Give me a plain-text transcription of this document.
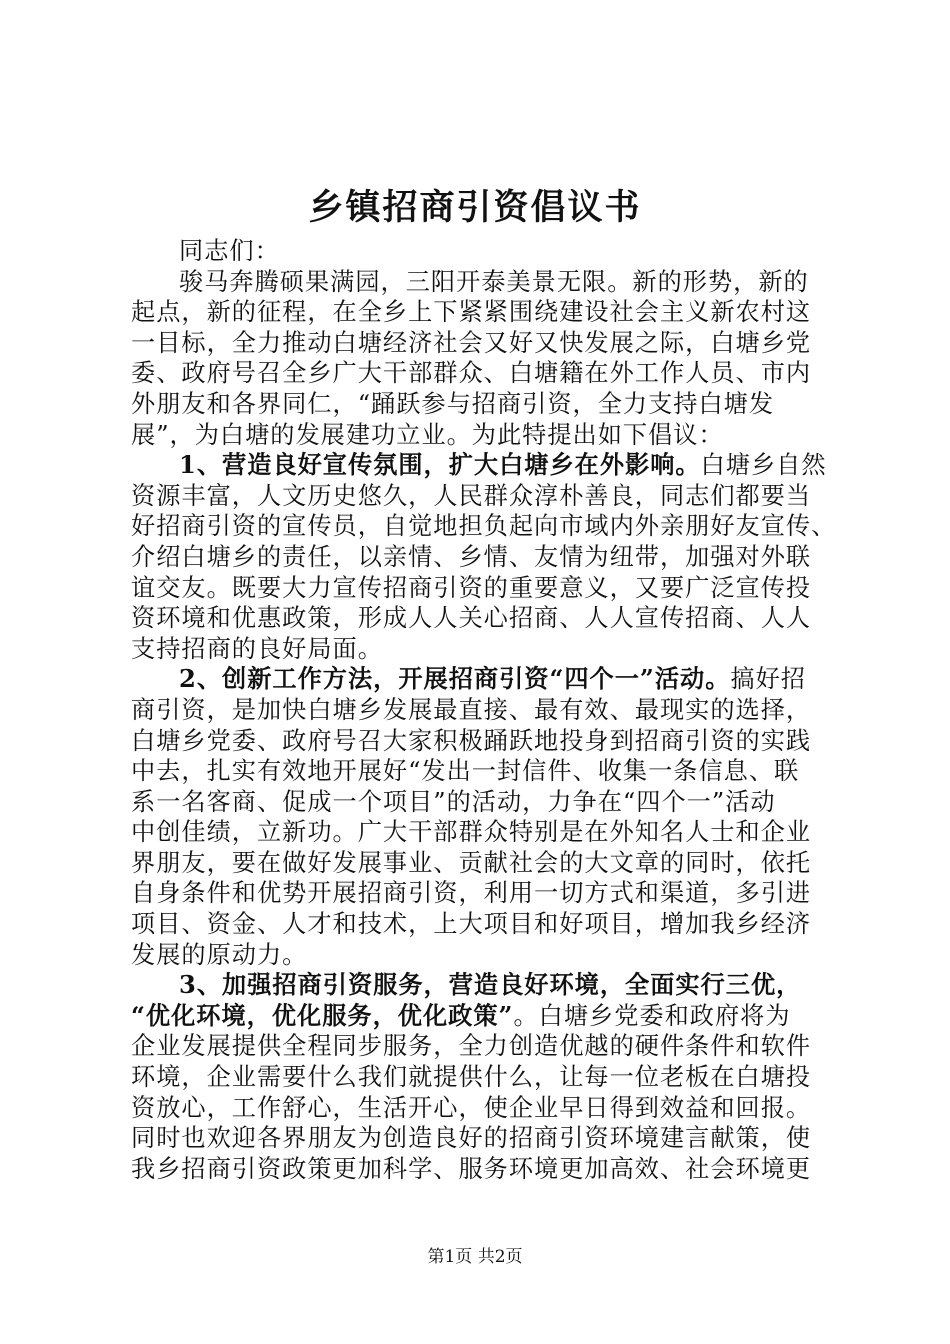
乡镇招商引资倡议书
同志们：
骏马奔腾硕果满园，三阳开泰美景无限。新的形势，新的
起点，新的征程，在全乡上下紧紧围绕建设社会主义新农村这
一目标，全力推动白塘经济社会又好又快发展之际，白塘乡党
委、政府号召全乡广大干部群众、白塘籍在外工作人员、市内
外朋友和各界同仁，“踊跃参与招商引资，全力支持白塘发
展”，为白塘的发展建功立业。为此特提出如下倡议：
1、营造良好宣传氛围，扩大白塘乡在外影响。白塘乡自然
资源丰富，人文历史悠久，人民群众淳朴善良，同志们都要当
好招商引资的宣传员，自觉地担负起向市域内外亲朋好友宣传、
介绍白塘乡的责任，以亲情、乡情、友情为纽带，加强对外联
谊交友。既要大力宣传招商引资的重要意义，又要广泛宣传投
资环境和优惠政策，形成人人关心招商、人人宣传招商、人人
支持招商的良好局面。
2、创新工作方法，开展招商引资“四个一”活动。搞好招
商引资，是加快白塘乡发展最直接、最有效、最现实的选择，
白塘乡党委、政府号召大家积极踊跃地投身到招商引资的实践
中去，扎实有效地开展好“发出一封信件、收集一条信息、联
系一名客商、促成一个项目”的活动，力争在“四个一”活动
中创佳绩，立新功。广大干部群众特别是在外知名人士和企业
界朋友，要在做好发展事业、贡献社会的大文章的同时，依托
自身条件和优势开展招商引资，利用一切方式和渠道，多引进
项目、资金、人才和技术，上大项目和好项目，增加我乡经济
发展的原动力。
3、加强招商引资服务，营造良好环境，全面实行三优，
“优化环境，优化服务，优化政策”。白塘乡党委和政府将为
企业发展提供全程同步服务，全力创造优越的硬件条件和软件
环境，企业需要什么我们就提供什么，让每一位老板在白塘投
资放心，工作舒心，生活开心，使企业早日得到效益和回报。
同时也欢迎各界朋友为创造良好的招商引资环境建言献策，使
我乡招商引资政策更加科学、服务环境更加高效、社会环境更
第1页 共2页
